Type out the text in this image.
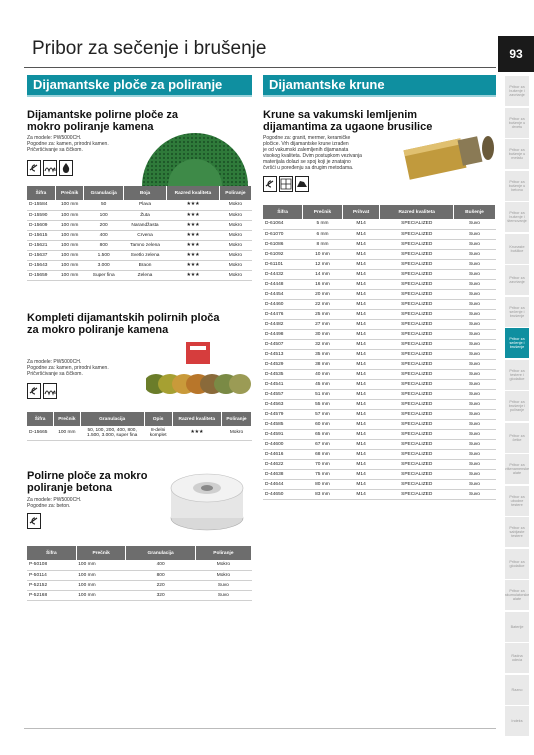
Pribor za sečenje i brušenje	93
Dijamantske ploče za poliranje	Dijamantske krune
Dijamantske polirne ploče za
mokro poliranje kamena
Za modele: PW5000CH.
Pogodne za: kamen, prirodni kamen.
Pričvršćivanje sa čičkom.
Šifra	Prečnik	Granulacija	Boja	Razred kvaliteta	Poliranje
D-15584	100 mm	50	Plava	★★★	Mokro
D-15590	100 mm	100	Žuta	★★★	Mokro
D-15609	100 mm	200	Narandžasta	★★★	Mokro
D-15615	100 mm	400	Crvena	★★★	Mokro
D-15621	100 mm	800	Tamno zelena	★★★	Mokro
D-15637	100 mm	1.500	Svetlo zelena	★★★	Mokro
D-15643	100 mm	3.000	Braon	★★★	Mokro
D-15659	100 mm	Super fina	Zelena	★★★	Mokro
Kompleti dijamantskih polirnih ploča
za mokro poliranje kamena
Za modele: PW5000CH.
Pogodne za: kamen, prirodni kamen.
Pričvršćivanje sa čičkom.
Šifra	Prečnik	Granulacija	Opis	Razred kvaliteta	Poliranje
D-15665	100 mm	50, 100, 200, 400, 800, 1.500, 3.000, super fina	8-delni komplet	★★★	Mokro
Polirne ploče za mokro
poliranje betona
Za modele: PW5000CH.
Pogodne za: beton.
Šifra	Prečnik	Granulacija	Poliranje
P-50108	100 mm	400	Mokro
P-50114	100 mm	800	Mokro
P-52152	100 mm	220	Suvo
P-52168	100 mm	320	Suvo
Krune sa vakumski lemljenim
dijamantima za ugaone brusilice
Pogodne za: granit, mermer, keramičke
pločice. Vrh dijamantske krune izrađen
je od vakumski zalemljenih dijamanata
visokog kvaliteta. Dvim postupkom vezivanja
materijala dolazi se spoj koji je znatajno
čvršći u poređenju sa drugim metodama.
Šifra	Prečnik	Prihvat	Razred kvaliteta	Bušenje
D-61064	5 mm	M14	SPECIALIZED	Suvo
D-61070	6 mm	M14	SPECIALIZED	Suvo
D-61086	8 mm	M14	SPECIALIZED	Suvo
D-61092	10 mm	M14	SPECIALIZED	Suvo
D-61101	12 mm	M14	SPECIALIZED	Suvo
D-44432	14 mm	M14	SPECIALIZED	Suvo
D-44448	16 mm	M14	SPECIALIZED	Suvo
D-44454	20 mm	M14	SPECIALIZED	Suvo
D-44460	22 mm	M14	SPECIALIZED	Suvo
D-44476	25 mm	M14	SPECIALIZED	Suvo
D-44482	27 mm	M14	SPECIALIZED	Suvo
D-44498	30 mm	M14	SPECIALIZED	Suvo
D-44507	32 mm	M14	SPECIALIZED	Suvo
D-44513	35 mm	M14	SPECIALIZED	Suvo
D-44529	38 mm	M14	SPECIALIZED	Suvo
D-44535	40 mm	M14	SPECIALIZED	Suvo
D-44541	45 mm	M14	SPECIALIZED	Suvo
D-44557	51 mm	M14	SPECIALIZED	Suvo
D-44563	55 mm	M14	SPECIALIZED	Suvo
D-44579	57 mm	M14	SPECIALIZED	Suvo
D-44585	60 mm	M14	SPECIALIZED	Suvo
D-44591	65 mm	M14	SPECIALIZED	Suvo
D-44600	67 mm	M14	SPECIALIZED	Suvo
D-44616	68 mm	M14	SPECIALIZED	Suvo
D-44622	70 mm	M14	SPECIALIZED	Suvo
D-44638	75 mm	M14	SPECIALIZED	Suvo
D-44644	80 mm	M14	SPECIALIZED	Suvo
D-44650	83 mm	M14	SPECIALIZED	Suvo
Pribor za bušenje i zavrtanje
Pribor za bušenje u drvetu
Pribor za bušenje u metalu
Pribor za bušenje u betonu
Pribor za bušenje i štemovanje
Krunaste bušilice
Pribor za zavrtanje
Pribor za sečenje i brušenje
Pribor za sečenje i brušenje
Pribor za testere i glodalice
Pribor za brušenje i poliranje
Pribor za četke
Pribor za višenamenske alate
Pribor za ubodne testere
Pribor za sabljaste testere
Pribor za glodalice
Pribor za akumulatorske alate
Baterije
Radna odeća
Razno
Indeks
